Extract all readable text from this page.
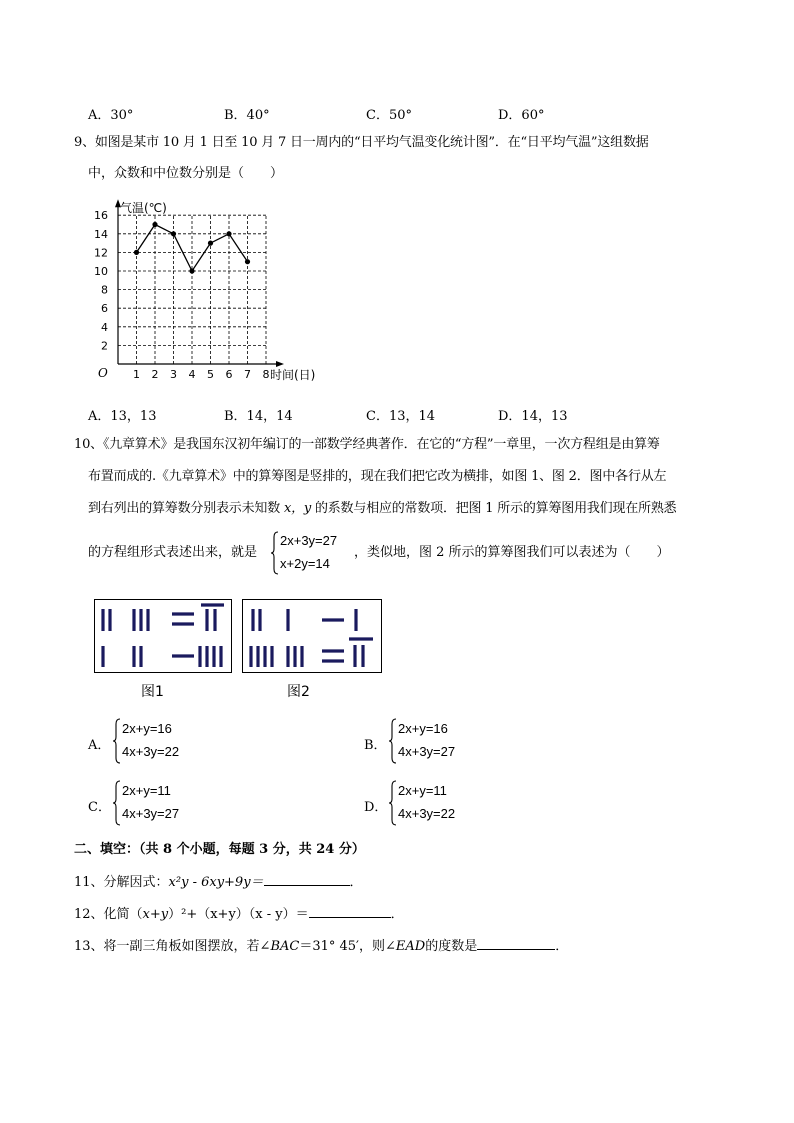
A．30°	B．40°	C．50°	D．60°
9、如图是某市 10 月 1 日至 10 月 7 日一周内的“日平均气温变化统计图”．在“日平均气温”这组数据
中，众数和中位数分别是（　　）
1 2 3 4 5 6 7 8
2
4
6
8
10
12
14
16
气温(℃)
时间(日)
O
A．13，13	B．14，14	C．13，14	D．14，13
10、《九章算术》是我国东汉初年编订的一部数学经典著作．在它的“方程”一章里，一次方程组是由算筹
布置而成的.《九章算术》中的算筹图是竖排的，现在我们把它改为横排，如图 1、图 2．图中各行从左
到右列出的算筹数分别表示未知数 x，y 的系数与相应的常数项．把图 1 所示的算筹图用我们现在所熟悉
的方程组形式表述出来，就是
2x+3y=27
x+2y=14
，类似地，图 2 所示的算筹图我们可以表述为（　　）
图1	图2
A．
2x+y=16
4x+3y=22	B．
2x+y=16
4x+3y=27
C．
2x+y=11
4x+3y=27	D．
2x+y=11
4x+3y=22
二、填空：（共 8 个小题，每题 3 分，共 24 分）
11、分解因式：x²y - 6xy+9y＝	．
12、化简（x+y）²+（x+y）（x - y）＝	．
13、将一副三角板如图摆放，若∠BAC＝31° 45′，则∠EAD的度数是	．
